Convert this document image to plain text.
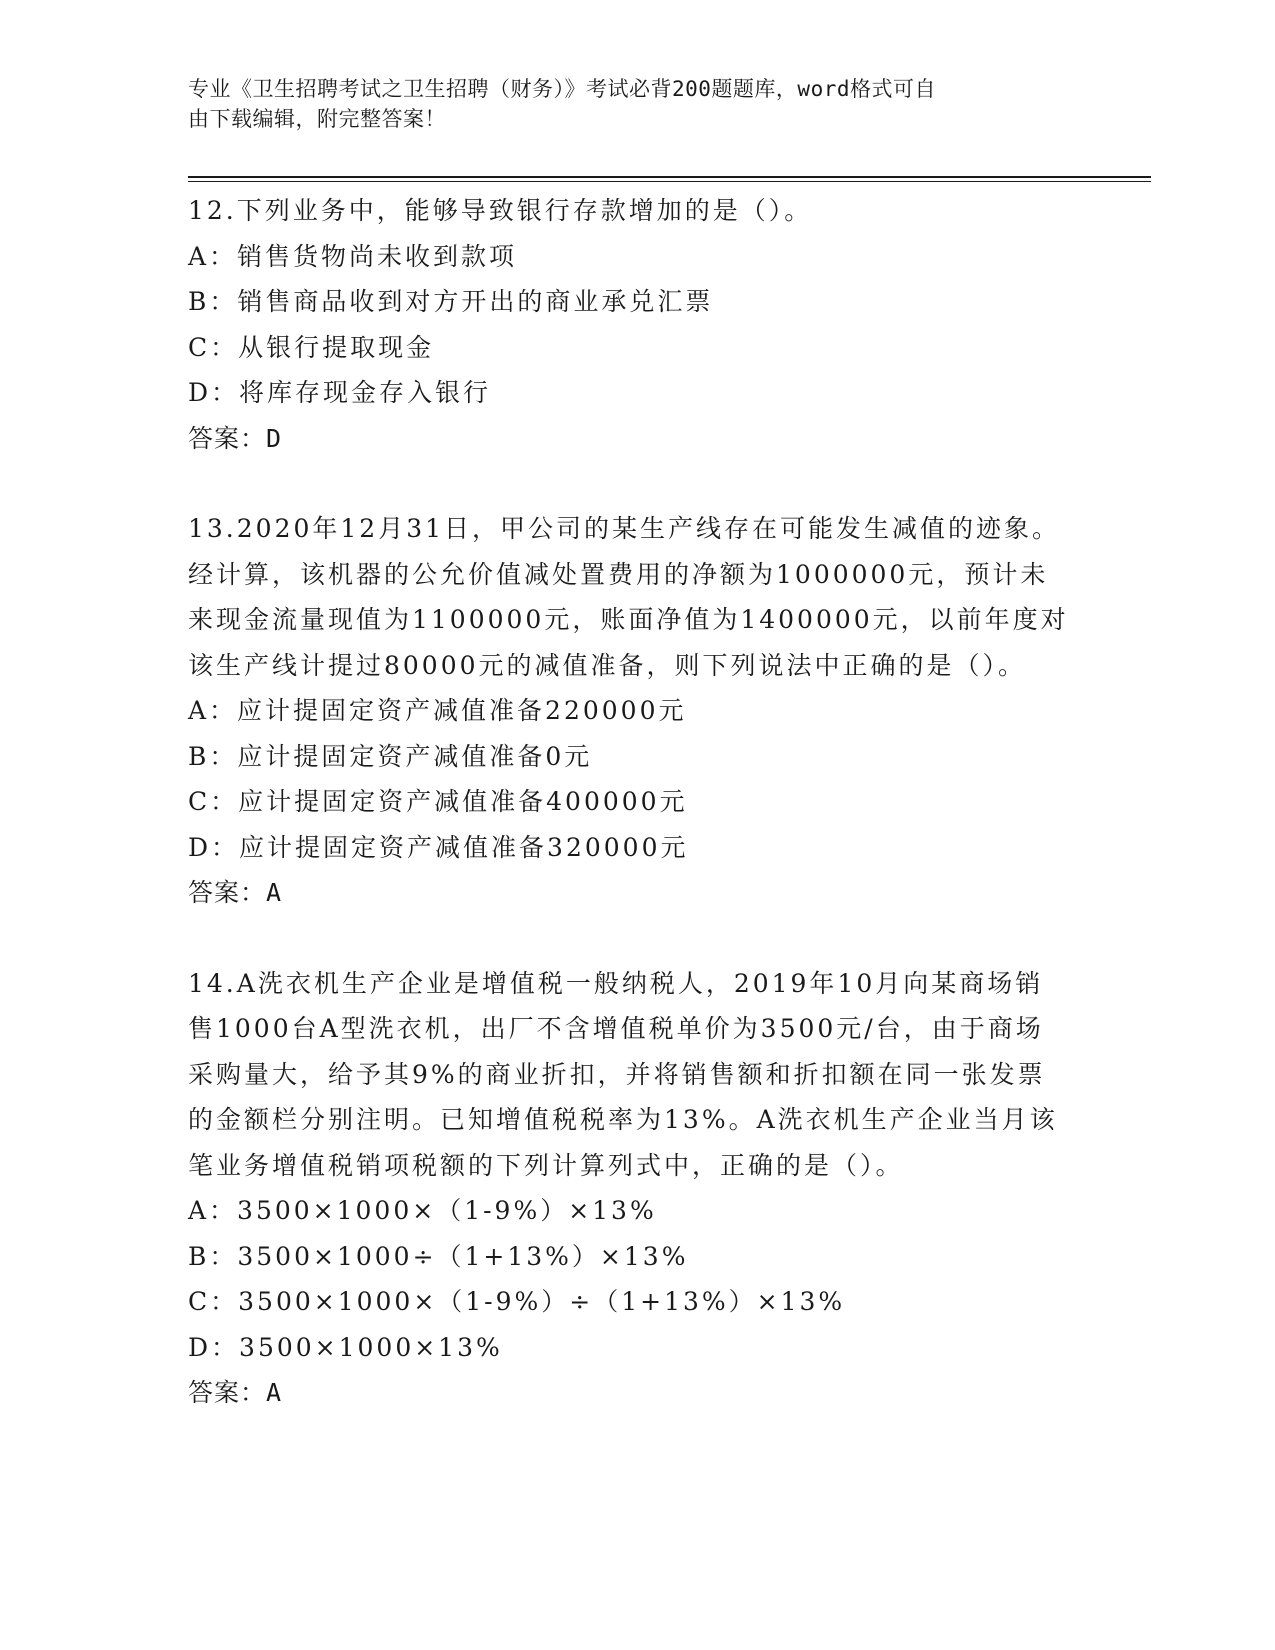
专业《卫生招聘考试之卫生招聘（财务）》考试必背200题题库，word格式可自
由下载编辑，附完整答案！
12.下列业务中，能够导致银行存款增加的是（）。
A：销售货物尚未收到款项
B：销售商品收到对方开出的商业承兑汇票
C：从银行提取现金
D：将库存现金存入银行
答案：D
13.2020年12月31日，甲公司的某生产线存在可能发生减值的迹象。
经计算，该机器的公允价值减处置费用的净额为1000000元，预计未
来现金流量现值为1100000元，账面净值为1400000元，以前年度对
该生产线计提过80000元的减值准备，则下列说法中正确的是（）。
A：应计提固定资产减值准备220000元
B：应计提固定资产减值准备0元
C：应计提固定资产减值准备400000元
D：应计提固定资产减值准备320000元
答案：A
14.A洗衣机生产企业是增值税一般纳税人，2019年10月向某商场销
售1000台A型洗衣机，出厂不含增值税单价为3500元/台，由于商场
采购量大，给予其9%的商业折扣，并将销售额和折扣额在同一张发票
的金额栏分别注明。已知增值税税率为13%。A洗衣机生产企业当月该
笔业务增值税销项税额的下列计算列式中，正确的是（）。
A：3500×1000×（1-9%）×13%
B：3500×1000÷（1+13%）×13%
C：3500×1000×（1-9%）÷（1+13%）×13%
D：3500×1000×13%
答案：A
